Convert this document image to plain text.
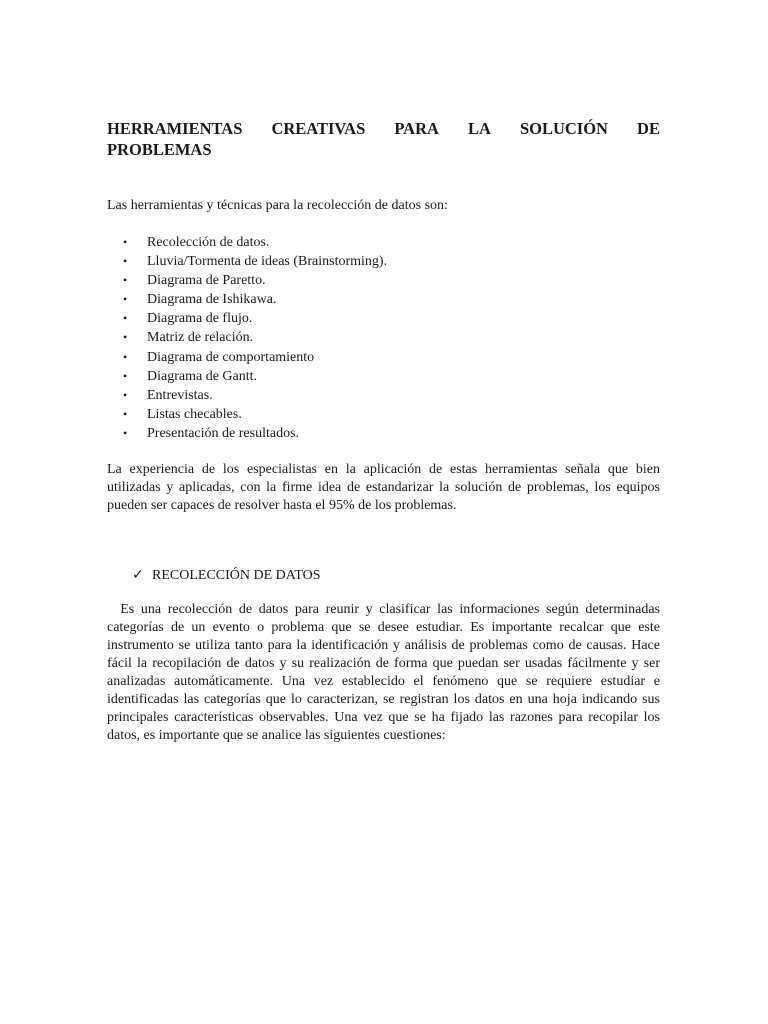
HERRAMIENTAS CREATIVAS PARA LA SOLUCIÓN DE
PROBLEMAS

Las herramientas y técnicas para la recolección de datos son:

• Recolección de datos.
• Lluvia/Tormenta de ideas (Brainstorming).
• Diagrama de Paretto.
• Diagrama de Ishikawa.
• Diagrama de flujo.
• Matriz de relación.
• Diagrama de comportamiento
• Diagrama de Gantt.
• Entrevistas.
• Listas checables.
• Presentación de resultados.

La experiencia de los especialistas en la aplicación de estas herramientas señala que bien utilizadas y aplicadas, con la firme idea de estandarizar la solución de problemas, los equipos pueden ser capaces de resolver hasta el 95% de los problemas.

✓ RECOLECCIÓN DE DATOS

Es una recolección de datos para reunir y clasificar las informaciones según determinadas categorías de un evento o problema que se desee estudiar. Es importante recalcar que este instrumento se utiliza tanto para la identificación y análisis de problemas como de causas. Hace fácil la recopilación de datos y su realización de forma que puedan ser usadas fácilmente y ser analizadas automáticamente. Una vez establecido el fenómeno que se requiere estudiar e identificadas las categorías que lo caracterizan, se registran los datos en una hoja indicando sus principales características observables. Una vez que se ha fijado las razones para recopilar los datos, es importante que se analice las siguientes cuestiones:
